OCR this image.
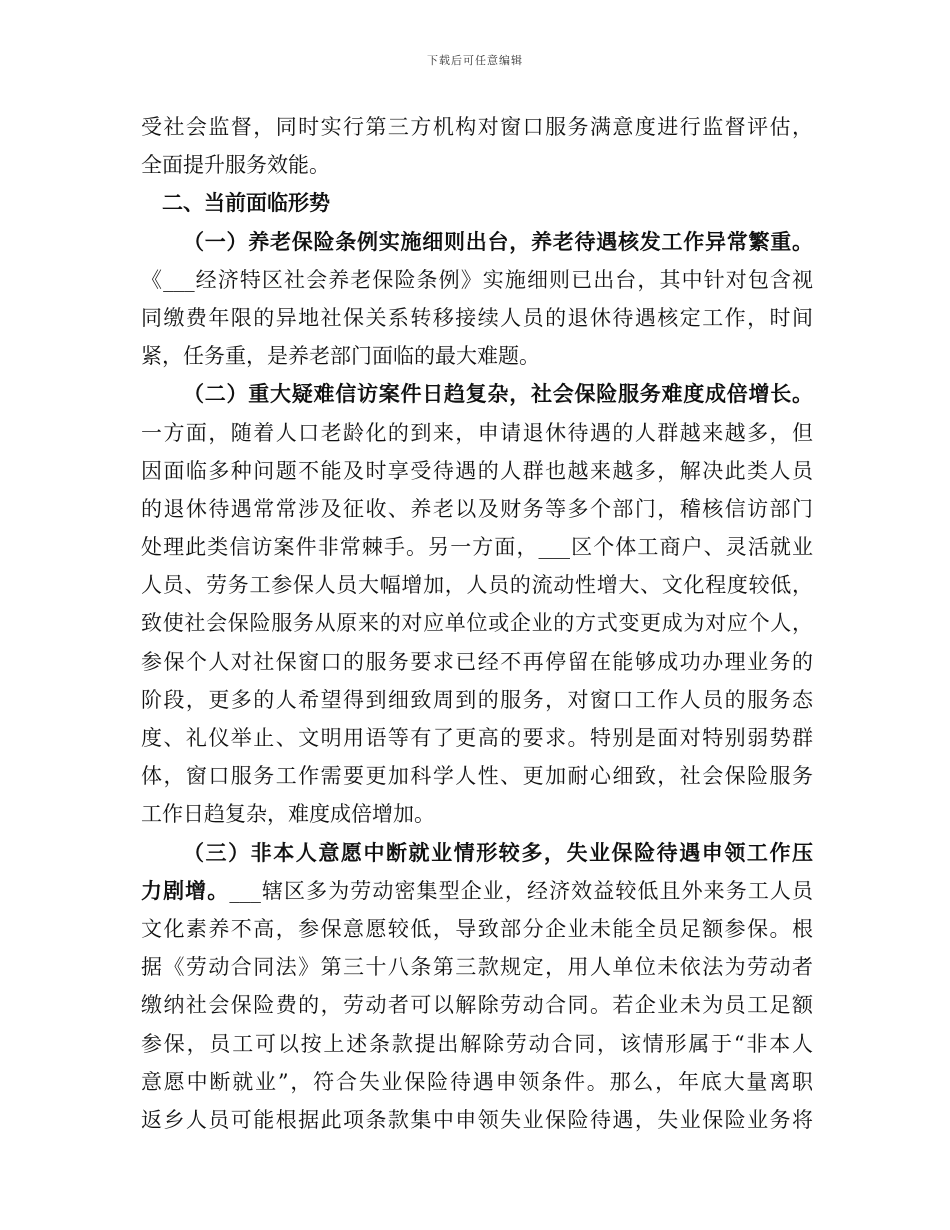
下载后可任意编辑
受社会监督，同时实行第三方机构对窗口服务满意度进行监督评估，
全面提升服务效能。
二、当前面临形势
（一）养老保险条例实施细则出台，养老待遇核发工作异常繁重。
《___经济特区社会养老保险条例》实施细则已出台，其中针对包含视
同缴费年限的异地社保关系转移接续人员的退休待遇核定工作，时间
紧，任务重，是养老部门面临的最大难题。
（二）重大疑难信访案件日趋复杂，社会保险服务难度成倍增长。
一方面，随着人口老龄化的到来，申请退休待遇的人群越来越多，但
因面临多种问题不能及时享受待遇的人群也越来越多，解决此类人员
的退休待遇常常涉及征收、养老以及财务等多个部门，稽核信访部门
处理此类信访案件非常棘手。另一方面，___区个体工商户、灵活就业
人员、劳务工参保人员大幅增加，人员的流动性增大、文化程度较低，
致使社会保险服务从原来的对应单位或企业的方式变更成为对应个人，
参保个人对社保窗口的服务要求已经不再停留在能够成功办理业务的
阶段，更多的人希望得到细致周到的服务，对窗口工作人员的服务态
度、礼仪举止、文明用语等有了更高的要求。特别是面对特别弱势群
体，窗口服务工作需要更加科学人性、更加耐心细致，社会保险服务
工作日趋复杂，难度成倍增加。
（三）非本人意愿中断就业情形较多，失业保险待遇申领工作压
力剧增。___辖区多为劳动密集型企业，经济效益较低且外来务工人员
文化素养不高，参保意愿较低，导致部分企业未能全员足额参保。根
据《劳动合同法》第三十八条第三款规定，用人单位未依法为劳动者
缴纳社会保险费的，劳动者可以解除劳动合同。若企业未为员工足额
参保，员工可以按上述条款提出解除劳动合同，该情形属于“非本人
意愿中断就业”，符合失业保险待遇申领条件。那么，年底大量离职
返乡人员可能根据此项条款集中申领失业保险待遇，失业保险业务将
